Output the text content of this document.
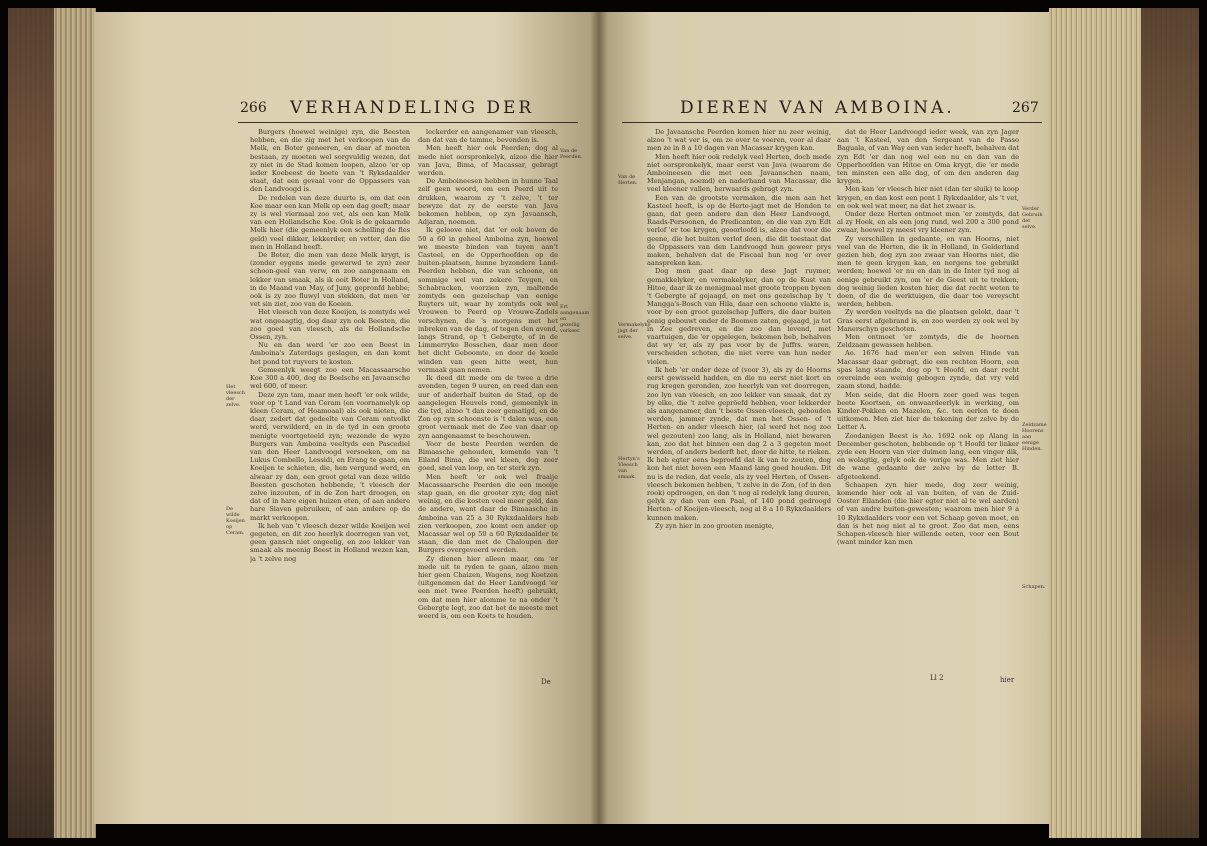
266 VERHANDELING DER

Burgers (hoewel weinige) zyn, die Beesten hebben, en die zig met het verkoopen van de Melk, en Boter geneeren, en daar af moeten bestaan, zy moeten wel sorgvuldig wezen, dat zy niet in de Stad komen loopen, alzoo 'er op ieder Koebeest de boete van 't Ryksdaalder staat, dat een gevaal voor de Oppassers van den Landvoogd is.

De redelen van deze duurte is, om dat een Koe maar een kan Melk op een dag geeft; maar zy is wel viermaal zoo vet, als een kan Melk van een Hollandsche Koe. Ook is de gekaarnde Melk hier (die gemeenlyk een schelling de fles geld) veel dikker, lekkerder, en vetter, dan die men in Holland heeft.

De Boter, die men van deze Melk krygt, is (zonder eygens mede gewerwd te zyn) zeer schoon-geel van verw, en zoo aangenaam en lekker van smaak, als ik ooit Boter in Holland, in de Maand van May, of Juny, gepronfd hebbe; ook is zy zoo fluwyl van stekken, dat men 'er vet sin ziet, zoo van de Koeien.

Het vleesch van deze Koeijen, is zomtyds wel wat ongeaagtig, dog daar zyn ook Beesten, die zoo goed van vleesch, als de Hollandsche Ossen, zyn.

Nu en dan werd 'er zoo een Beest in Amboina's Zaterdags geslagen, en dan komt het pond tot ruyvers te kosten.

Gemeenlyk weegt zoo een Macassaarsche Koe 300 a 400, dog de Boelsche en Javaansche wel 600, of meer.

Deze zyn tam, maar men heeft 'er ook wilde, voor op 't Land van Ceram (en voornamelyk op kleen Ceram, of Hoamoaal) als ook nieten, die daar, zedert dat gedeelte van Ceram ontvolkt werd, verwilderd, en in de tyd in een groote menigte voortgeteeld zyn; wezende de wyze Burgers van Amboina veeltyds een Pascediel van den Heer Landvoogd versoeken, om na Lukus Combello, Lessidi, en Erang te gaan, om Koeijen te schieten, die, hen vergund werd, en alwaar zy dan, een groot getal van deze wilde Beesten geschoten hebbende, 't vleesch der zelve inzouten, of in de Zon hart droogen, en dat of in hare eigen huizen eten, of aan andere hare Slaven gebruiken, of aan andere op de markt verkoopen.

Ik heb van 't vleesch dezer wilde Koeijen wel gegeten, en dit zoo heerlyk doorregen van vet, geen gansch niet ongeelig, en zoo lekker van smaak als meenig Beest in Holland wezen kan, ja 't zelve nog

leckerder en aangenamer van vleesch, dan dat van de tamme, bevonden is.

Men heeft hier ook Peerden; dog al mede niet oorspronkelyk, alzoo die hier van Java, Bima, of Macassar, gebragt werden.

De Amboineesen hebben in hunne Taal zelf geen woord, om een Peerd uit te drukken, waarom zy 't zelve, 't ter bewyze dat zy de eerste van Java bekomen hebben, op zyn Javaansch, Adjaran, noemen.

Ik geloove niet, dat 'er ook boven de 50 a 60 in geheel Amboina zyn, hoewel we meeste binden van tuyen aan't Casteel, en de Opperhoofden op de buiten-plaatsen, hunne byzondere Land-Peerden hebben, die van schoone, en sommige wel van zekere Teygen, en Schabracken, voorzien zyn, maltende zomtyds een gezelschap van eenige Ruyters uit, waar by zomtyds ook wel Vrouwen te Peerd op Vrouwe-Zadels verschynen, die 's morgens met het inbreken van de dag, of tegen den avond, langs Strand, op 't Gebergte, of in de Limmerryke Bosschen, daar men door het dicht Geboomte, en door de koele winden van geen hitte weet, hun vermaak gaan nemen.

Ik deed dit mede om de twee a drie avonden, tegen 9 uuren, en reed dan een uur of anderhalf buiten de Stad, op de aangelegen Heuvels rond, gemeenlyk in die tyd, alzoo 't dan zeer gematigd, en de Zon op zyn schoonste is 't dalen was, een groot vermaak met de Zee van daar op zyn aangenaamst te beschouwen.

Voor de beste Peerden werden de Bimaasche gehouden, komende van 't Eiland Bima, die wel kleen, dog zeer goed, snel van loop, en ter sterk zyn.

Men heeft 'er ook wel fraaije Macassaarsche Peerden die een mooije stap gaan, en die grooter zyn; dog niet weinig, en die kosten veel meer geld, dan de andere, want daar de Bimaasche in Amboina van 25 a 30 Rykxdaalders heb zien verkoopen, zoo komt een ander op Macassar wel op 50 a 60 Rykxdaalder te staan, die dan met de Chaloupen der Burgers overgevoerd werden.

Zy dienen hier alleen maar, om 'er mede uit te ryden te gaan, alzoo men hier geen Chaizen, Wagens, nog Koetzen (uitgenomen dat de Heer Landvoogd 'er een met twee Peerden heeft) gebruikt, om dat men hier alomme te na onder 't Gebergte legt, zoo dat het de meeste met weerd is, om een Koets te houden.

Van de Peerden.
Ert aangenaam en gezellig verkeer.
Het vleesch der zelve.
De wilde Koeijen op Ceram.
De
DIEREN VAN AMBOINA.	267

De Javaansche Peerden komen hier nu zeer weinig, alzoo 't wat ver is, om ze over te voeren, voor al daar men ze in 8 a 10 dagen van Macassar krygen kan.

Men heeft hier ook redelyk veel Herten, doch mede niet oorspronkelyk, maar eerst van Java (waarom de Amboineesen die met een Javaanschen naam, Menjangan, noemd) en naderhand van Macassar, die veel kleener vallen, herwaards gebragt zyn.

Een van de grootste vermaken, die men aan het Kasteel heeft, is op de Herte-jagt met de Honden te gaan, dat geen andere dan den Heer Landvoogd, Raads-Persoonen, de Predicanten, en die van zyn Edt verlof 'er toe krygen, geoorloofd is, alzoo dat voor die geene, die het buiten verlof doen, die dit toestaat dat de Oppassers van den Landvoogd hun geweer prys maken, behalven dat de Fiscaal hun nog 'er over aanspreken kan.

Dog men gaat daar op dese Jagt ruymer, gemakkelyker, en vermakelyker, dan op de Kust van Hitoe, daar ik ze menigmaal met groote troppen byeen 't Gebergte af gejaagd, en met ons gezelschap by 't Mangga's-Bosch van Hila, daar een schoone vlakte is, voor by een groot gezelschap Juffers, die daar buiten eenig gebouwt onder de Boomen zaten, gejaagd, ja tot in Zee gedreven, en die zoo dan levend, met vaartuigen, die 'er opgelegen, bekomen heb, behalven dat wy 'er, als zy pas voor by de Juffrs. waren, verscheiden schoten, die niet verre van hun neder vielen.

Ik heb 'er onder deze of (voor 3), als zy de Hoorns eerst gewisseld hadden, en die nu eerst niet kort en rug kregen geronden, zoo heerlyk van vet doorregen, zoo lyn van vleesch, en zoo lekker van smaak, dat zy by elke, die 't zelve gepröefd hebben, voor lekkerder als aangenamer, dan 't beste Ossen-vleesch, gehouden werden, jammer zynde, dat men het Ossen- of 't Herten- en ander vleesch hier, (al werd het nog zoo wel gezouten) zoo lang, als in Holland, niet bewaren kan, zoo dat het binnen een dag 2 a 3 gegeten moet werden, of anders bederft het, door de hitte, te rieken. Ik heb egter eens beproefd dat ik van te zouten, dog kon het niet boven een Maand lang goed houden. Dit nu is de reden, dat veele, als zy veel Herten, of Ossen-vleesch bekomen hebben, 't zelve in de Zon, (of in den rook) opdroogen, en dan 't nog al redelyk lang duuren, gelyk zy dan van een Paal, of 140 pond gedroogd Herten- of Koeijen-vleesch, nog al 8 a 10 Rykxdaalders kunnen maken.

Zy zyn hier in zoo grooten menigte,

dat de Heer Landvoogd ieder week, van zyn Jager aan 't Kasteel, van den Sergeant van de Passo Baguala, of van Way een van ieder heeft, behalven dat zyn Edt 'er dan nog wel een nu en dan van de Opperhoofden van Hitoe en Oma krygt, die 'er mede ten minsten een alle dag, of om den anderen dag krygen.

Men kan 'er vleesch hier niet (dan ter sluik) te koop krygen, en dan kost een pont 1 Rykxdaalder, als 't vet, en ook wel wat meer, na dat het zwaar is.

Onder deze Herten ontmoet men 'er zomtyds, dat al zy Hoek, en als een jong rund, wel 200 a 300 pond zwaar, hoewel zy meest vry kleener zyn.

Zy verschillen in gedaante, en van Hoorns, niet veel van de Herten, die ik in Holland, in Gelderland gezien heb, dog zyn zoo zwaar van Hoorns niet, die men te geen krygen kan, en nergens toe gebruikt werden; hoewel 'er nu en dan in de Inter tyd nog al eenige gebruikt zyn, om 'er de Geest uit te trekken; dog weinig lieden kosten hier, die dat recht weten te doen, of die de werktuigen, die daar toe vereyscht werden, hebben.

Zy werden veeltyds na die plaatsen gelokt, daar 't Gras eerst afgebrand is, en zoo werden zy ook wel by Manerschyn geschoten.

Men ontmoet 'er zomtyds, die de hoornen Zeldzaam gewassen hebben.

Ao. 1676 had men'er een selven Hinde van Macassar daar gebragt, die een rechten Hoorn, een spas lang staande, dog op 't Hoofd, en daar recht overeinde een weinig gebogen zynde, dat vry veld zaam stond, hadde.

Men seide, dat die Hoorn zeer goed was tegen beete Koortsen, en onwaardeerlyk in werking, om Kinder-Pokken en Mazelen, &c. ten eerlen te doen uitkomen. Men ziet hier de tekening der zelve by de Letter A.

Zoodanigen Beest is Ao. 1692 ook op Alang in December geschoten, hebbende op 't Hoofd ter linker zyde een Hoorn van vier duimen lang, een vinger dik, en wolagtig, gelyk ook de vorige was. Men ziet hier de wane gedaante der zelve by de letter B. afgeteekend.

Schaapen zyn hier mede, dog zeer weinig, komende hier ook al van buiten, of van de Zuid-Ooster Eilanden (die hier egter niet al te wel aarden) of van andre buiten-gewesten; waarom men hier 9 a 10 Rykxdaalders voor een vet Schaap geven moet, en dan is het nog niet al te groot. Zoo dat men, eens Schapen-vleesch hier willende eeten, voor een Bout (want minder kan men

Van de Herten.
Vermakelyke jagt der selve.
Hertyn's Vleesch van smaak.
Verder Gebruik der selve.
Zeldzame Hoorens aan eenige Hinden.
Schapen.
Ll 2	hier
